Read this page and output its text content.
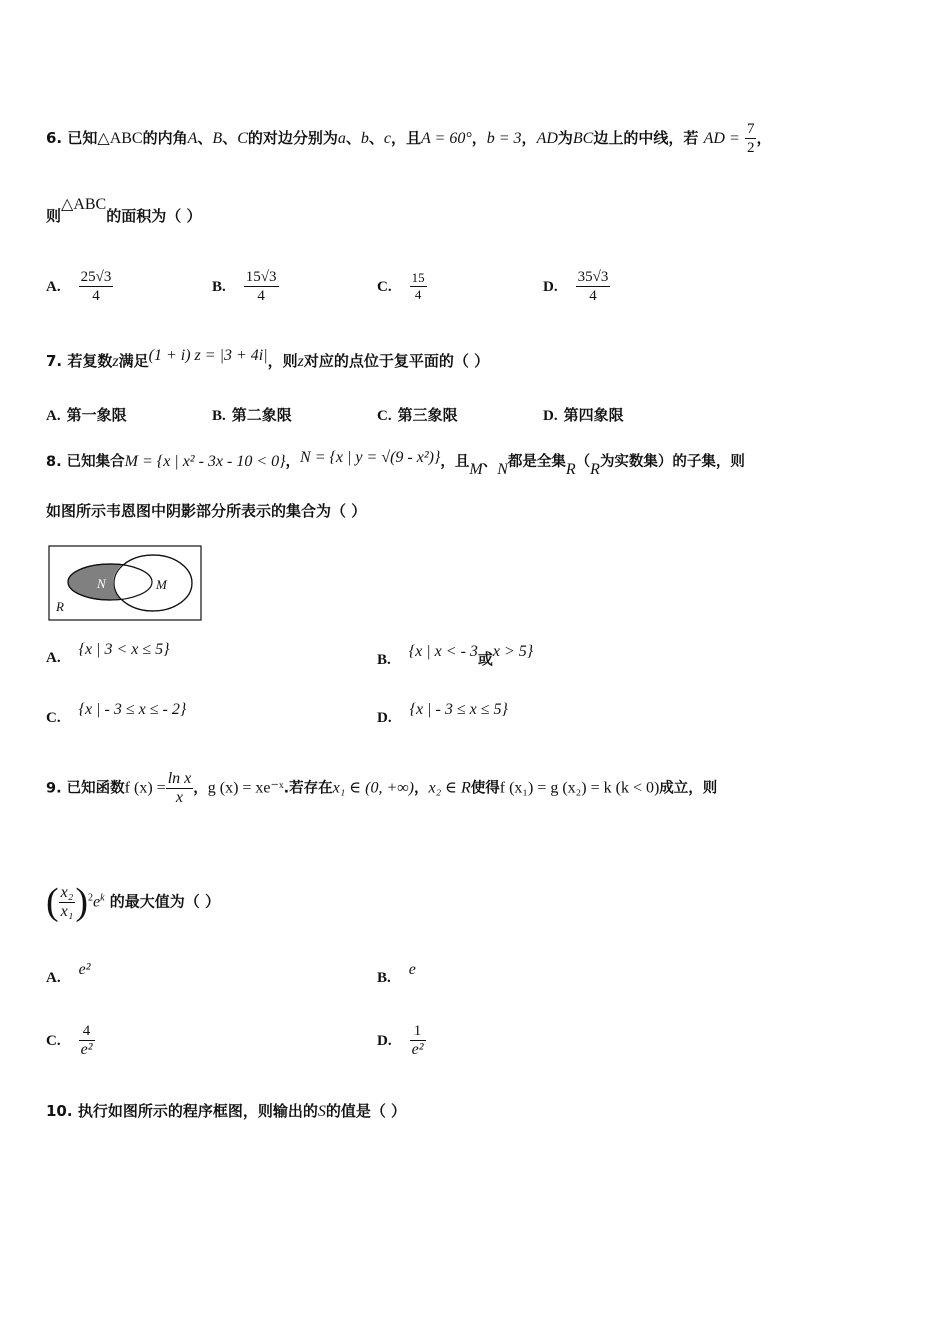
6. 已知△ABC的内角A、B、C的对边分别为a、b、c，且A = 60°，b = 3，AD为BC边上的中线，若 AD = $\frac{7}{2}$ ，
则△ABC的面积为（ ）
A. $\frac{25√3}{4}$	B. $\frac{15√3}{4}$	C. $\frac{15}{4}$	D. $\frac{35√3}{4}$
7. 若复数z满足(1 + i) z = |3 + 4i|，则z对应的点位于复平面的（ ）
A. 第一象限	B. 第二象限	C. 第三象限	D. 第四象限
8. 已知集合M = {x | x² - 3x - 10 < 0}，N = {x | y = √(9 - x²)}，且M、N都是全集R（R为实数集）的子集，则
如图所示韦恩图中阴影部分所表示的集合为（ ）
N	M
R
A. {x | 3 < x ≤ 5}
B. {x | x < - 3或x > 5}
C. {x | - 3 ≤ x ≤ - 2}	D. {x | - 3 ≤ x ≤ 5}
9. 已知函数f $(x) = \frac{\text{ln x}}{x}$ ，g (x) = xe⁻ˣ.若存在x₁ ∈ (0, +∞)，x₂ ∈ R使得f (x₁) = g (x₂) = k (k < 0)成立，则
( $\frac{\text{x₂}}{\text{x₁}} )^2e^k$ 的最大值为（ ）
A. e²	B. e
C. $\frac{4}{\text{e²}}$	D. $\frac{1}{\text{e²}}$
10. 执行如图所示的程序框图，则输出的S的值是（ ）
